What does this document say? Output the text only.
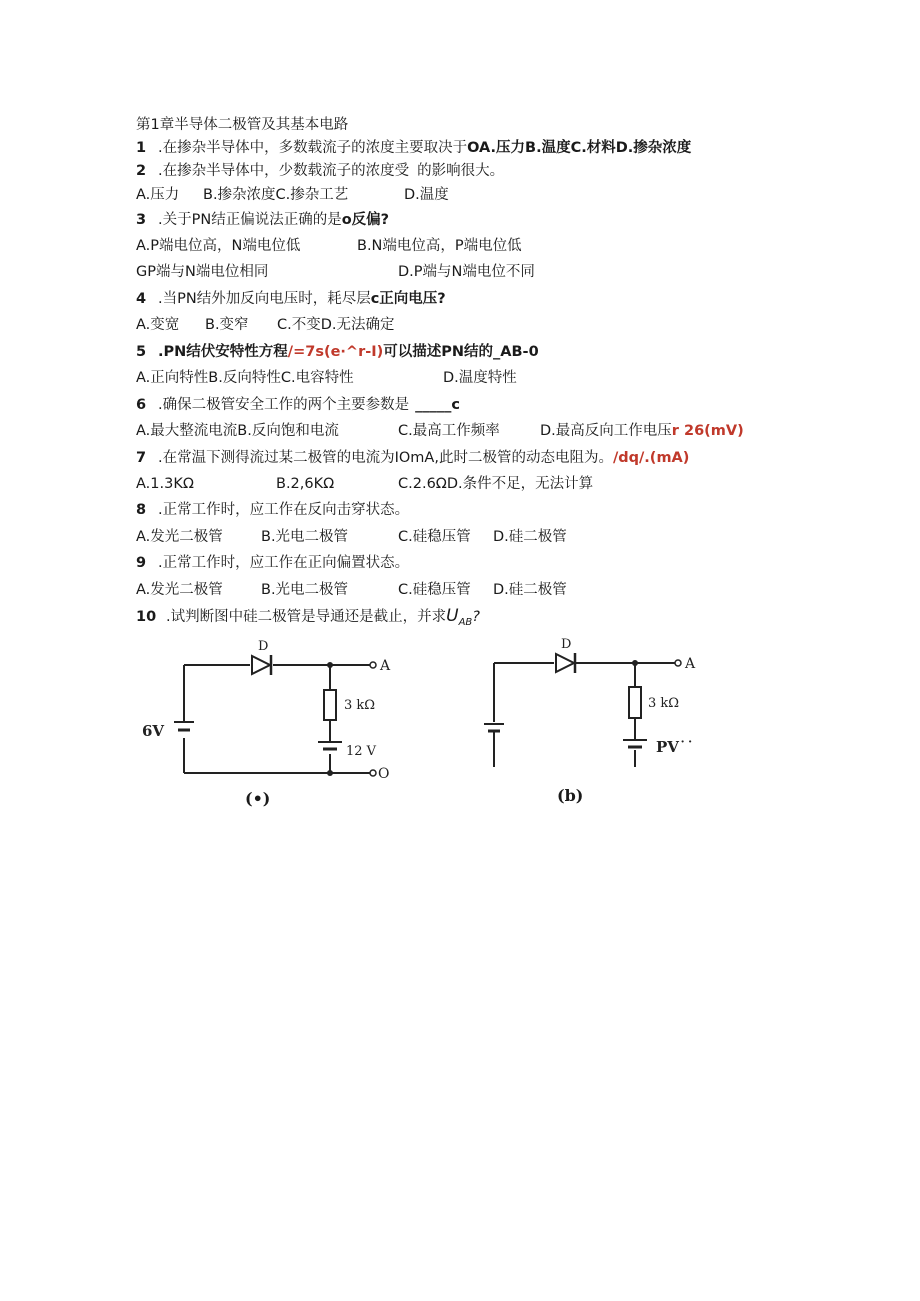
第1章半导体二极管及其基本电路
1 .在掺杂半导体中，多数载流子的浓度主要取决于OA.压力B.温度C.材料D.掺杂浓度
2 .在掺杂半导体中，少数载流子的浓度受 的影响很大。
A.压力 B.掺杂浓度C.掺杂工艺	D.温度
3 .关于PN结正偏说法正确的是o反偏?
A.P端电位高，N端电位低	B.N端电位高，P端电位低
GP端与N端电位相同	D.P端与N端电位不同
4 .当PN结外加反向电压时，耗尽层c正向电压?
A.变宽 B.变窄 C.不变D.无法确定
5 .PN结伏安特性方程/=7s(e·^r-I)可以描述PN结的_AB-0
A.正向特性B.反向特性C.电容特性	D.温度特性
6 .确保二极管安全工作的两个主要参数是 _____c
A.最大整流电流B.反向饱和电流	C.最高工作频率	D.最高反向工作电压r 26(mV)
7 .在常温下测得流过某二极管的电流为IOmA,此时二极管的动态电阻为。/dq/.(mA)
A.1.3KΩ	B.2,6KΩ	C.2.6ΩD.条件不足，无法计算
8 .正常工作时，应工作在反向击穿状态。
A.发光二极管	B.光电二极管	C.硅稳压管 D.硅二极管
9 .正常工作时，应工作在正向偏置状态。
A.发光二极管	B.光电二极管	C.硅稳压管 D.硅二极管
10 .试判断图中硅二极管是导通还是截止，并求$U_{AB}$?
D
A
3 kΩ
12 V
O
6V
(•)
D
A
3 kΩ
PV˙˙
(b)
